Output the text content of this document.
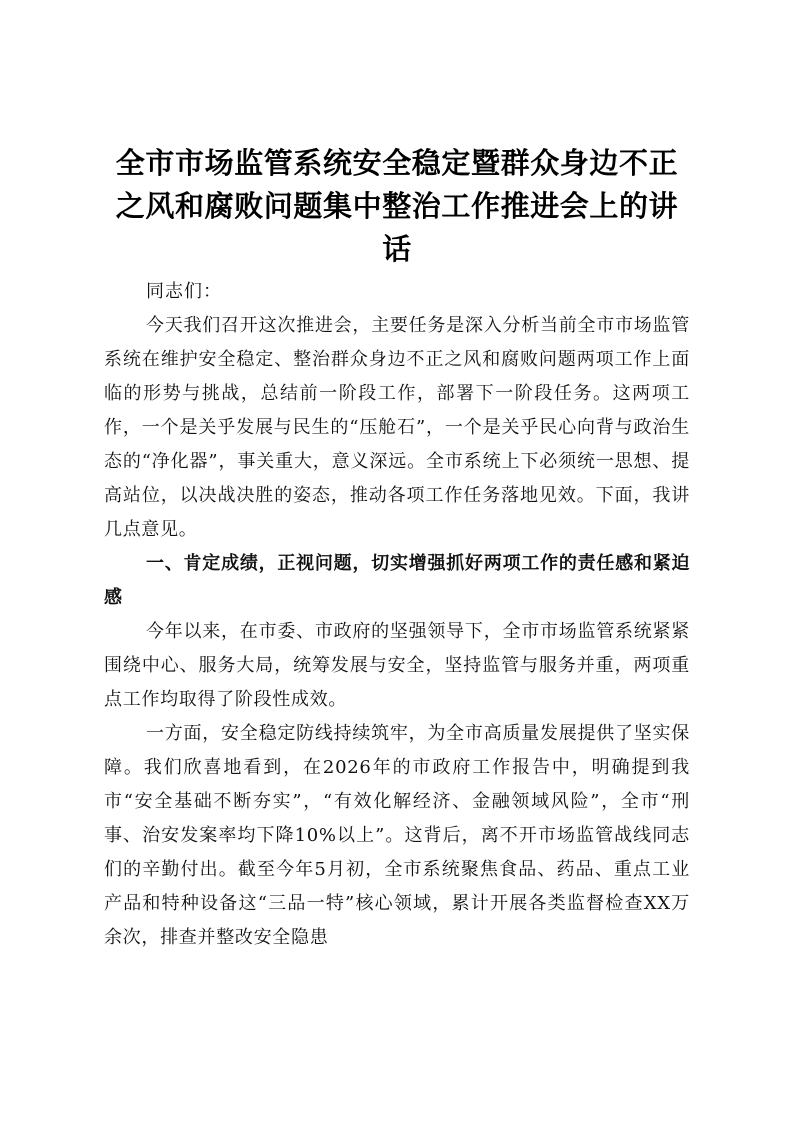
全市市场监管系统安全稳定暨群众身边不正之风和腐败问题集中整治工作推进会上的讲话

同志们：

今天我们召开这次推进会，主要任务是深入分析当前全市市场监管系统在维护安全稳定、整治群众身边不正之风和腐败问题两项工作上面临的形势与挑战，总结前一阶段工作，部署下一阶段任务。这两项工作，一个是关乎发展与民生的“压舱石”，一个是关乎民心向背与政治生态的“净化器”，事关重大，意义深远。全市系统上下必须统一思想、提高站位，以决战决胜的姿态，推动各项工作任务落地见效。下面，我讲几点意见。

一、肯定成绩，正视问题，切实增强抓好两项工作的责任感和紧迫感

今年以来，在市委、市政府的坚强领导下，全市市场监管系统紧紧围绕中心、服务大局，统筹发展与安全，坚持监管与服务并重，两项重点工作均取得了阶段性成效。

一方面，安全稳定防线持续筑牢，为全市高质量发展提供了坚实保障。我们欣喜地看到，在2026年的市政府工作报告中，明确提到我市“安全基础不断夯实”，“有效化解经济、金融领域风险”，全市“刑事、治安发案率均下降10%以上”。这背后，离不开市场监管战线同志们的辛勤付出。截至今年5月初，全市系统聚焦食品、药品、重点工业产品和特种设备这“三品一特”核心领域，累计开展各类监督检查XX万余次，排查并整改安全隐患
